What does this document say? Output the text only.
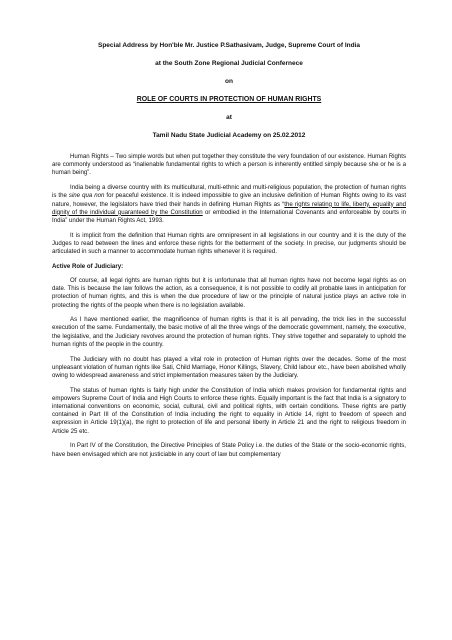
Special Address by Hon'ble Mr. Justice P.Sathasivam, Judge, Supreme Court of India
at the South Zone Regional Judicial Confernece
on
ROLE OF COURTS IN PROTECTION OF HUMAN RIGHTS
at
Tamil Nadu State Judicial Academy on 25.02.2012

Human Rights – Two simple words but when put together they constitute the very foundation of our existence. Human Rights are commonly understood as “inalienable fundamental rights to which a person is inherently entitled simply because she or he is a human being”.

India being a diverse country with its multicultural, multi-ethnic and multi-religious population, the protection of human rights is the sine qua non for peaceful existence. It is indeed impossible to give an inclusive definition of Human Rights owing to its vast nature, however, the legislators have tried their hands in defining Human Rights as “the rights relating to life, liberty, equality and dignity of the individual guaranteed by the Constitution or embodied in the International Covenants and enforceable by courts in India” under the Human Rights Act, 1993.

It is implicit from the definition that Human rights are omnipresent in all legislations in our country and it is the duty of the Judges to read between the lines and enforce these rights for the betterment of the society. In precise, our judgments should be articulated in such a manner to accommodate human rights whenever it is required.

Active Role of Judiciary:

Of course, all legal rights are human rights but it is unfortunate that all human rights have not become legal rights as on date. This is because the law follows the action, as a consequence, it is not possible to codify all probable laws in anticipation for protection of human rights, and this is when the due procedure of law or the principle of natural justice plays an active role in protecting the rights of the people when there is no legislation available.

As I have mentioned earlier, the magnificence of human rights is that it is all pervading, the trick lies in the successful execution of the same. Fundamentally, the basic motive of all the three wings of the democratic government, namely, the executive, the legislative, and the Judiciary revolves around the protection of human rights. They strive together and separately to uphold the human rights of the people in the country.

The Judiciary with no doubt has played a vital role in protection of Human rights over the decades. Some of the most unpleasant violation of human rights like Sati, Child Marriage, Honor Killings, Slavery, Child labour etc., have been abolished wholly owing to widespread awareness and strict implementation measures taken by the Judiciary.

The status of human rights is fairly high under the Constitution of India which makes provision for fundamental rights and empowers Supreme Court of India and High Courts to enforce these rights. Equally important is the fact that India is a signatory to international conventions on economic, social, cultural, civil and political rights, with certain conditions. These rights are partly contained in Part III of the Constitution of India including the right to equality in Article 14, right to freedom of speech and expression in Article 19(1)(a), the right to protection of life and personal liberty in Article 21 and the right to religious freedom in Article 25 etc.

In Part IV of the Constitution, the Directive Principles of State Policy i.e. the duties of the State or the socio-economic rights, have been envisaged which are not justiciable in any court of law but complementary
